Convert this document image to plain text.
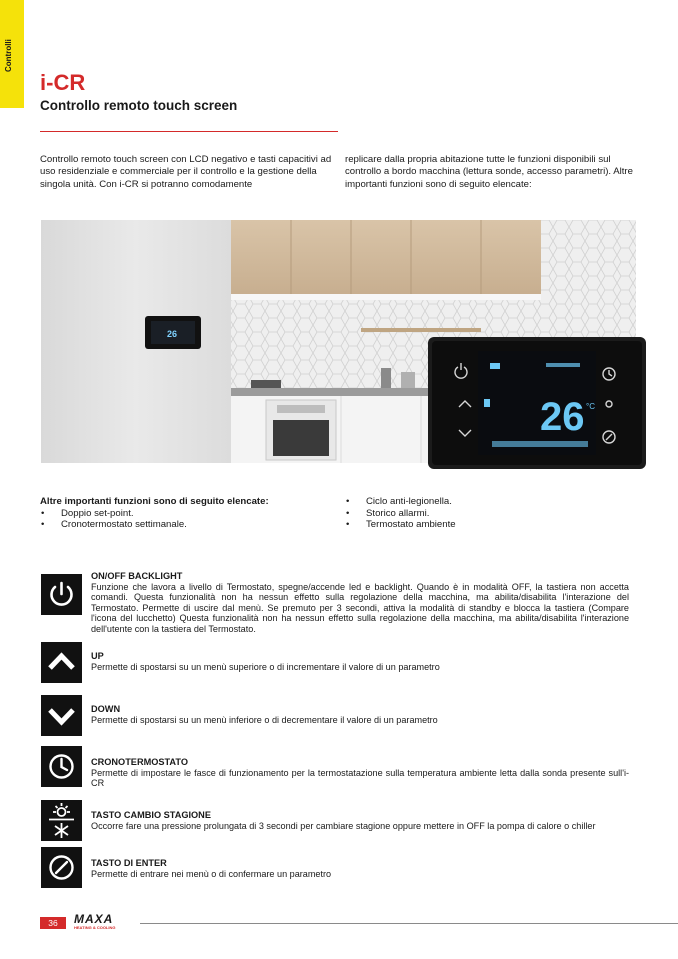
Controlli
i-CR
Controllo remoto touch screen
Controllo remoto touch screen con LCD negativo e tasti capacitivi ad uso residenziale e commerciale per il controllo e la gestione della singola unità. Con i-CR si potranno comodamente
replicare dalla propria abitazione tutte le funzioni disponibili sul controllo a bordo macchina (lettura sonde, accesso parametri). Altre importanti funzioni sono di seguito elencate:
26
26 °C
Altre importanti funzioni sono di seguito elencate:
• Doppio set-point.
• Cronotermostato settimanale.
• Ciclo anti-legionella.
• Storico allarmi.
• Termostato ambiente
ON/OFF BACKLIGHT
Funzione che lavora a livello di Termostato, spegne/accende led e backlight. Quando è in modalità OFF, la tastiera non accetta comandi. Questa funzionalità non ha nessun effetto sulla regolazione della macchina, ma abilita/disabilita l'interazione del Termostato. Permette di uscire dal menù. Se premuto per 3 secondi, attiva la modalità di standby e blocca la tastiera (Compare l'icona del lucchetto) Questa funzionalità non ha nessun effetto sulla regolazione della macchina, ma abilita/disabilita l'interazione dell'utente con la tastiera del Termostato.
UP
Permette di spostarsi su un menù superiore o di incrementare il valore di un parametro
DOWN
Permette di spostarsi su un menù inferiore o di decrementare il valore di un parametro
CRONOTERMOSTATO
Permette di impostare le fasce di funzionamento per la termostatazione sulla temperatura ambiente letta dalla sonda presente sull'i-CR
TASTO CAMBIO STAGIONE
Occorre fare una pressione prolungata di 3 secondi per cambiare stagione oppure mettere in OFF la pompa di calore o chiller
TASTO DI ENTER
Permette di entrare nei menù o di confermare un parametro
36	MAXA
HEATING & COOLING
